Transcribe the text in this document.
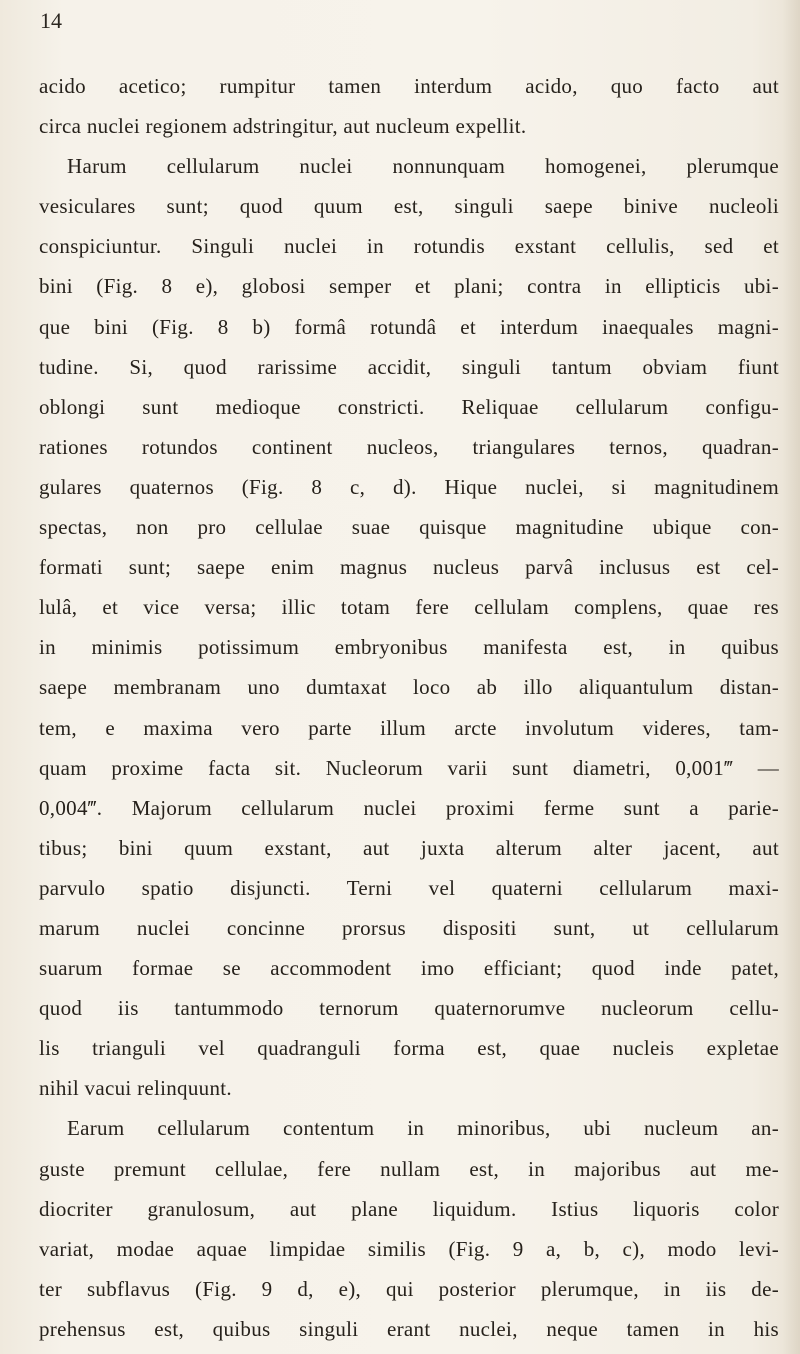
14
acido acetico; rumpitur tamen interdum acido, quo facto aut
circa nuclei regionem adstringitur, aut nucleum expellit.
Harum cellularum nuclei nonnunquam homogenei, plerumque
vesiculares sunt; quod quum est, singuli saepe binive nucleoli
conspiciuntur. Singuli nuclei in rotundis exstant cellulis, sed et
bini (Fig. 8 e), globosi semper et plani; contra in ellipticis ubi-
que bini (Fig. 8 b) formâ rotundâ et interdum inaequales magni-
tudine. Si, quod rarissime accidit, singuli tantum obviam fiunt
oblongi sunt medioque constricti. Reliquae cellularum configu-
rationes rotundos continent nucleos, triangulares ternos, quadran-
gulares quaternos (Fig. 8 c, d). Hique nuclei, si magnitudinem
spectas, non pro cellulae suae quisque magnitudine ubique con-
formati sunt; saepe enim magnus nucleus parvâ inclusus est cel-
lulâ, et vice versa; illic totam fere cellulam complens, quae res
in minimis potissimum embryonibus manifesta est, in quibus
saepe membranam uno dumtaxat loco ab illo aliquantulum distan-
tem, e maxima vero parte illum arcte involutum videres, tam-
quam proxime facta sit. Nucleorum varii sunt diametri, 0,001‴ —
0,004‴. Majorum cellularum nuclei proximi ferme sunt a parie-
tibus; bini quum exstant, aut juxta alterum alter jacent, aut
parvulo spatio disjuncti. Terni vel quaterni cellularum maxi-
marum nuclei concinne prorsus dispositi sunt, ut cellularum
suarum formae se accommodent imo efficiant; quod inde patet,
quod iis tantummodo ternorum quaternorumve nucleorum cellu-
lis trianguli vel quadranguli forma est, quae nucleis expletae
nihil vacui relinquunt.
Earum cellularum contentum in minoribus, ubi nucleum an-
guste premunt cellulae, fere nullam est, in majoribus aut me-
diocriter granulosum, aut plane liquidum. Istius liquoris color
variat, modae aquae limpidae similis (Fig. 9 a, b, c), modo levi-
ter subflavus (Fig. 9 d, e), qui posterior plerumque, in iis de-
prehensus est, quibus singuli erant nuclei, neque tamen in his
